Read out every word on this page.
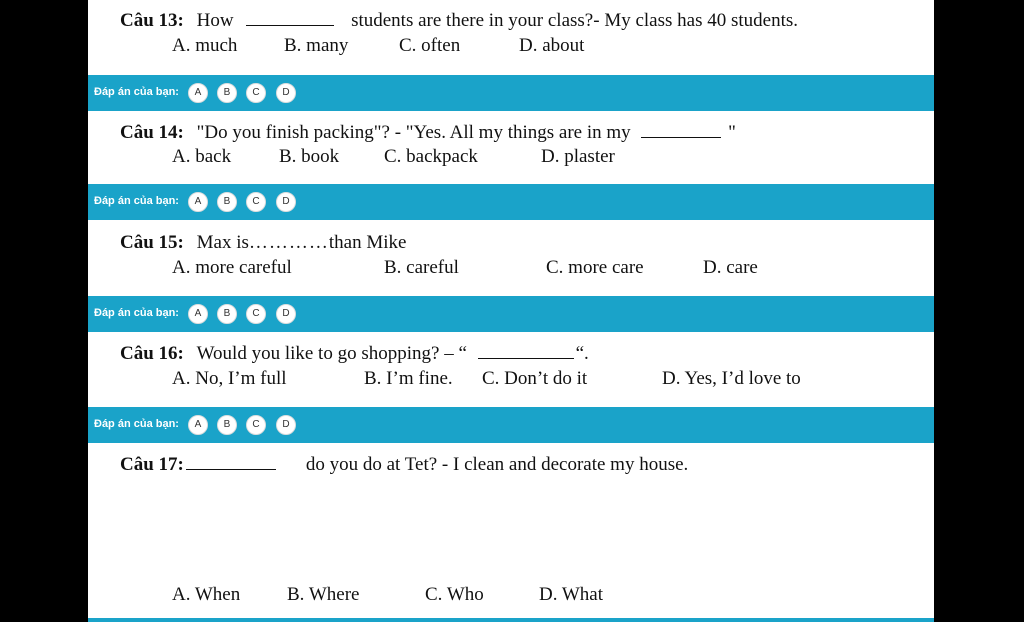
Câu 13: How	students are there in your class?- My class has 40 students.
A. much B. many	C. often	D. about
Đáp án của bạn:	A	B	C	D
Câu 14: "Do you finish packing"? - "Yes. All my things are in my	"
A. back	B. book C. backpack	D. plaster
Đáp án của bạn:	A	B	C	D
Câu 15: Max is…………than Mike
A. more careful	B. careful	C. more care	D. care
Đáp án của bạn:	A	B	C	D
Câu 16: Would you like to go shopping? – “	“.
A. No, I’m full	B. I’m fine. C. Don’t do it	D. Yes, I’d love to
Đáp án của bạn:	A	B	C	D
Câu 17:	do you do at Tet? - I clean and decorate my house.
A. When B. Where	C. Who	D. What
